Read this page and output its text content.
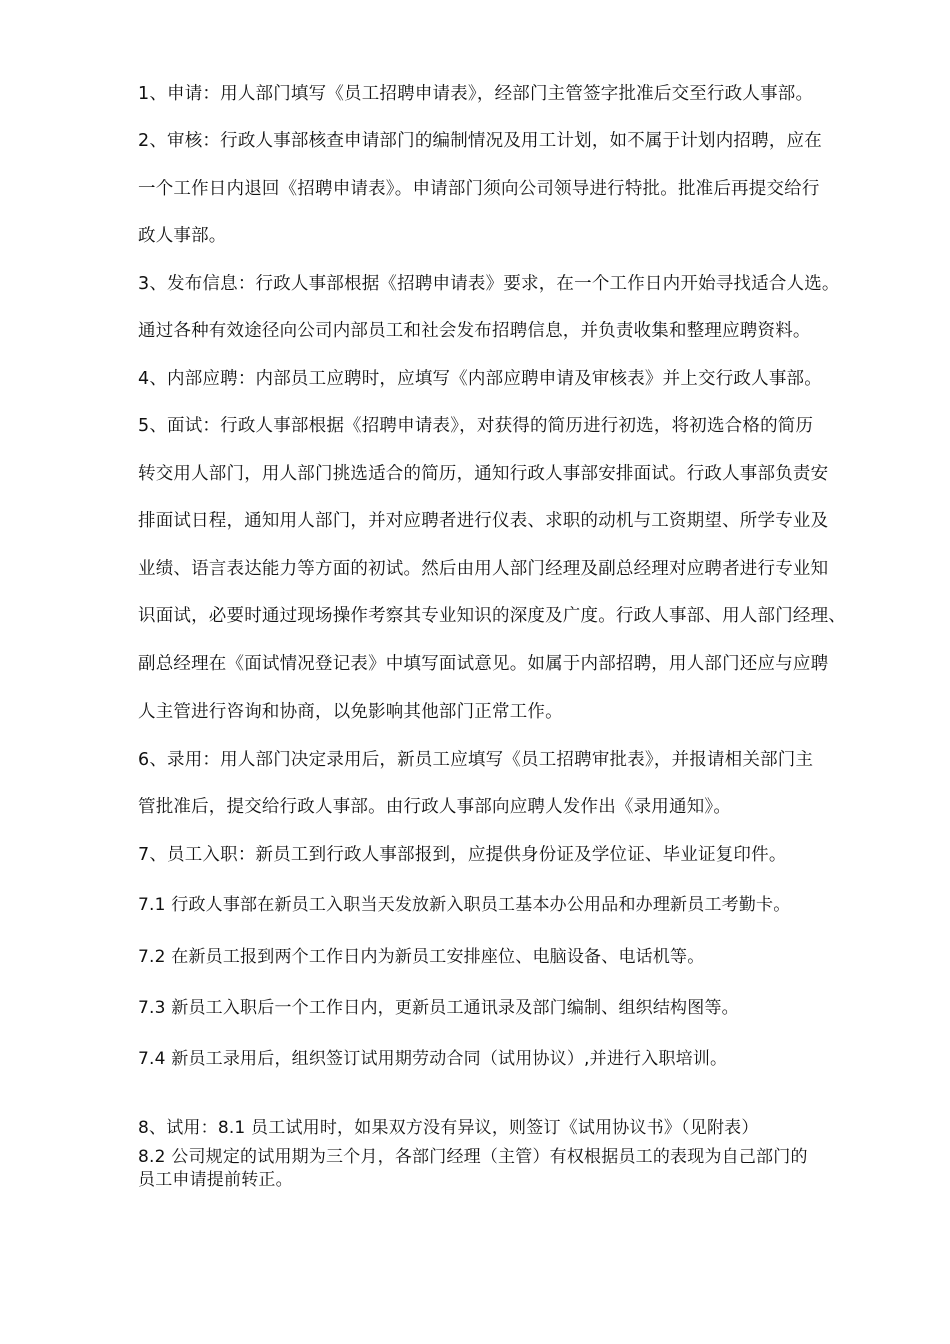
1、申请：用人部门填写《员工招聘申请表》，经部门主管签字批准后交至行政人事部。
2、审核：行政人事部核查申请部门的编制情况及用工计划，如不属于计划内招聘，应在
一个工作日内退回《招聘申请表》。申请部门须向公司领导进行特批。批准后再提交给行
政人事部。
3、发布信息：行政人事部根据《招聘申请表》要求，在一个工作日内开始寻找适合人选。
通过各种有效途径向公司内部员工和社会发布招聘信息，并负责收集和整理应聘资料。
4、内部应聘：内部员工应聘时，应填写《内部应聘申请及审核表》并上交行政人事部。
5、面试：行政人事部根据《招聘申请表》，对获得的简历进行初选，将初选合格的简历
转交用人部门，用人部门挑选适合的简历，通知行政人事部安排面试。行政人事部负责安
排面试日程，通知用人部门，并对应聘者进行仪表、求职的动机与工资期望、所学专业及
业绩、语言表达能力等方面的初试。然后由用人部门经理及副总经理对应聘者进行专业知
识面试，必要时通过现场操作考察其专业知识的深度及广度。行政人事部、用人部门经理、
副总经理在《面试情况登记表》中填写面试意见。如属于内部招聘，用人部门还应与应聘
人主管进行咨询和协商，以免影响其他部门正常工作。
6、录用：用人部门决定录用后，新员工应填写《员工招聘审批表》，并报请相关部门主
管批准后，提交给行政人事部。由行政人事部向应聘人发作出《录用通知》。
7、员工入职：新员工到行政人事部报到，应提供身份证及学位证、毕业证复印件。
7.1 行政人事部在新员工入职当天发放新入职员工基本办公用品和办理新员工考勤卡。
7.2 在新员工报到两个工作日内为新员工安排座位、电脑设备、电话机等。
7.3 新员工入职后一个工作日内，更新员工通讯录及部门编制、组织结构图等。
7.4 新员工录用后，组织签订试用期劳动合同（试用协议）,并进行入职培训。
8、试用：8.1 员工试用时，如果双方没有异议，则签订《试用协议书》（见附表）
8.2 公司规定的试用期为三个月，各部门经理（主管）有权根据员工的表现为自己部门的
员工申请提前转正。
